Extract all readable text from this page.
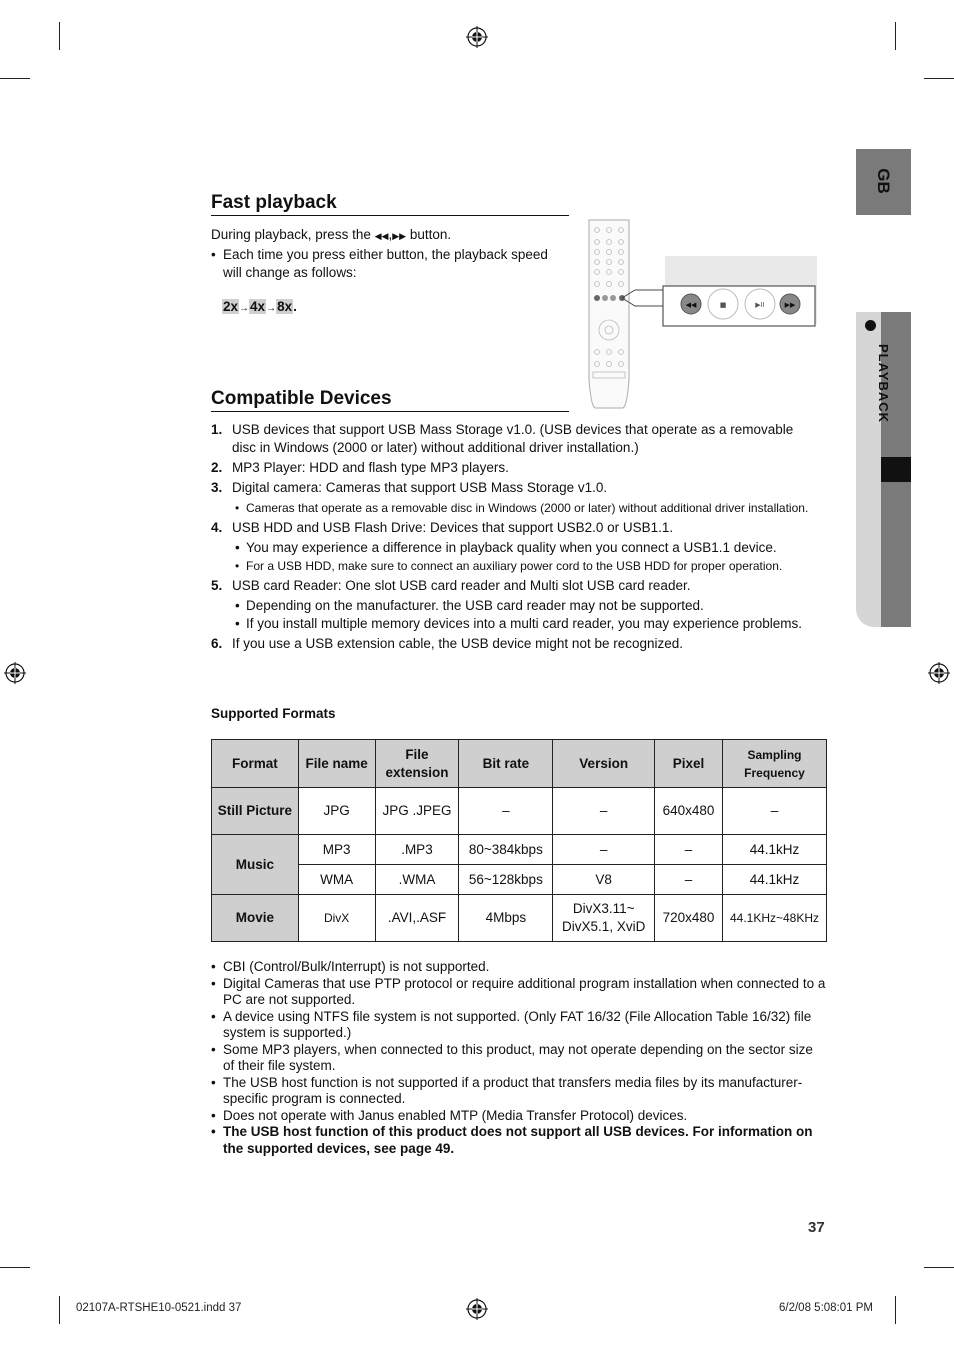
GB
PLAYBACK
Fast playback
During playback, press the ◀◀,▶▶ button.
• Each time you press either button, the playback speed will change as follows:
2x→4x→8x.	◀◀	■	▶II	▶▶
Compatible Devices
1. USB devices that support USB Mass Storage v1.0. (USB devices that operate as a removable disc in Windows (2000 or later) without additional driver installation.)
2. MP3 Player: HDD and flash type MP3 players.
3. Digital camera: Cameras that support USB Mass Storage v1.0.
• Cameras that operate as a removable disc in Windows (2000 or later) without additional driver installation.
4. USB HDD and USB Flash Drive: Devices that support USB2.0 or USB1.1.
• You may experience a difference in playback quality when you connect a USB1.1 device.
• For a USB HDD, make sure to connect an auxiliary power cord to the USB HDD for proper operation.
5. USB card Reader: One slot USB card reader and Multi slot USB card reader.
• Depending on the manufacturer. the USB card reader may not be supported.
• If you install multiple memory devices into a multi card reader, you may experience problems.
6. If you use a USB extension cable, the USB device might not be recognized.
Supported Formats
Format	File name	File extension	Bit rate	Version	Pixel	Sampling Frequency
Still Picture	JPG	JPG .JPEG	–	–	640x480	–
Music	MP3	.MP3	80~384kbps	–	–	44.1kHz
	WMA	.WMA	56~128kbps	V8	–	44.1kHz
Movie	DivX	.AVI,.ASF	4Mbps	DivX3.11~ DivX5.1, XviD	720x480	44.1KHz~48KHz
• CBI (Control/Bulk/Interrupt) is not supported.
• Digital Cameras that use PTP protocol or require additional program installation when connected to a PC are not supported.
• A device using NTFS file system is not supported. (Only FAT 16/32 (File Allocation Table 16/32) file
system is supported.)
• Some MP3 players, when connected to this product, may not operate depending on the sector size of their file system.
• The USB host function is not supported if a product that transfers media files by its manufacturer-specific program is connected.
• Does not operate with Janus enabled MTP (Media Transfer Protocol) devices.
• The USB host function of this product does not support all USB devices. For information on the supported devices, see page 49.
37
02107A-RTSHE10-0521.indd 37	6/2/08 5:08:01 PM
